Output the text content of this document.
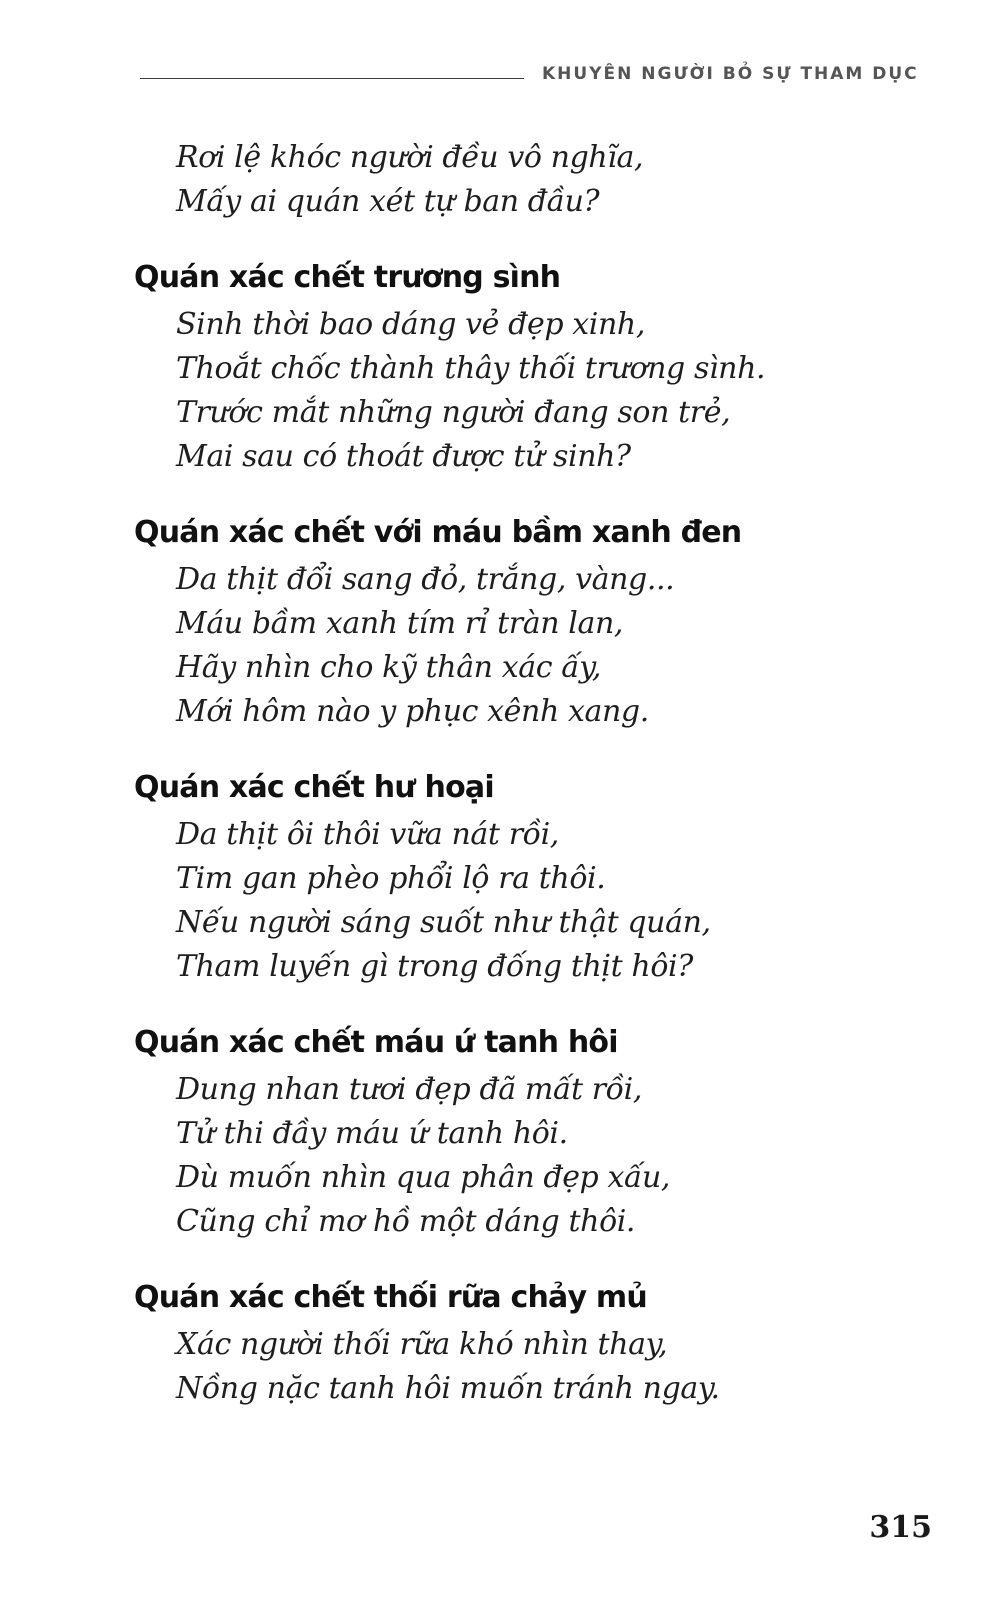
KHUYÊN NGƯỜI BỎ SỰ THAM DỤC
Rơi lệ khóc người đều vô nghĩa,
Mấy ai quán xét tự ban đầu?
Quán xác chết trương sình
Sinh thời bao dáng vẻ đẹp xinh,
Thoắt chốc thành thây thối trương sình.
Trước mắt những người đang son trẻ,
Mai sau có thoát được tử sinh?
Quán xác chết với máu bầm xanh đen
Da thịt đổi sang đỏ, trắng, vàng...
Máu bầm xanh tím rỉ tràn lan,
Hãy nhìn cho kỹ thân xác ấy,
Mới hôm nào y phục xênh xang.
Quán xác chết hư hoại
Da thịt ôi thôi vữa nát rồi,
Tim gan phèo phổi lộ ra thôi.
Nếu người sáng suốt như thật quán,
Tham luyến gì trong đống thịt hôi?
Quán xác chết máu ứ tanh hôi
Dung nhan tươi đẹp đã mất rồi,
Tử thi đầy máu ứ tanh hôi.
Dù muốn nhìn qua phân đẹp xấu,
Cũng chỉ mơ hồ một dáng thôi.
Quán xác chết thối rữa chảy mủ
Xác người thối rữa khó nhìn thay,
Nồng nặc tanh hôi muốn tránh ngay.
315
